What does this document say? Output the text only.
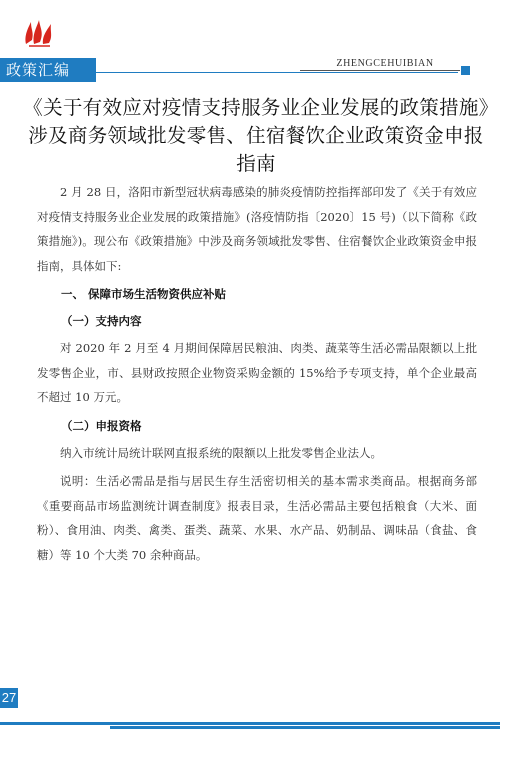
政策汇编	ZHENGCEHUIBIAN
《关于有效应对疫情支持服务业企业发展的政策措施》涉及商务领域批发零售、住宿餐饮企业政策资金申报指南

2 月 28 日，洛阳市新型冠状病毒感染的肺炎疫情防控指挥部印发了《关于有效应对疫情支持服务业企业发展的政策措施》(洛疫情防指〔2020〕15 号)（以下简称《政策措施》)。现公布《政策措施》中涉及商务领域批发零售、住宿餐饮企业政策资金申报指南，具体如下:

一、 保障市场生活物资供应补贴
（一）支持内容

对 2020 年 2 月至 4 月期间保障居民粮油、肉类、蔬菜等生活必需品限额以上批发零售企业，市、县财政按照企业物资采购金额的 15%给予专项支持，单个企业最高不超过 10 万元。

（二）申报资格

纳入市统计局统计联网直报系统的限额以上批发零售企业法人。

说明：生活必需品是指与居民生存生活密切相关的基本需求类商品。根据商务部《重要商品市场监测统计调查制度》报表目录，生活必需品主要包括粮食（大米、面粉）、食用油、肉类、禽类、蛋类、蔬菜、水果、水产品、奶制品、调味品（食盐、食糖）等 10 个大类 70 余种商品。

27
